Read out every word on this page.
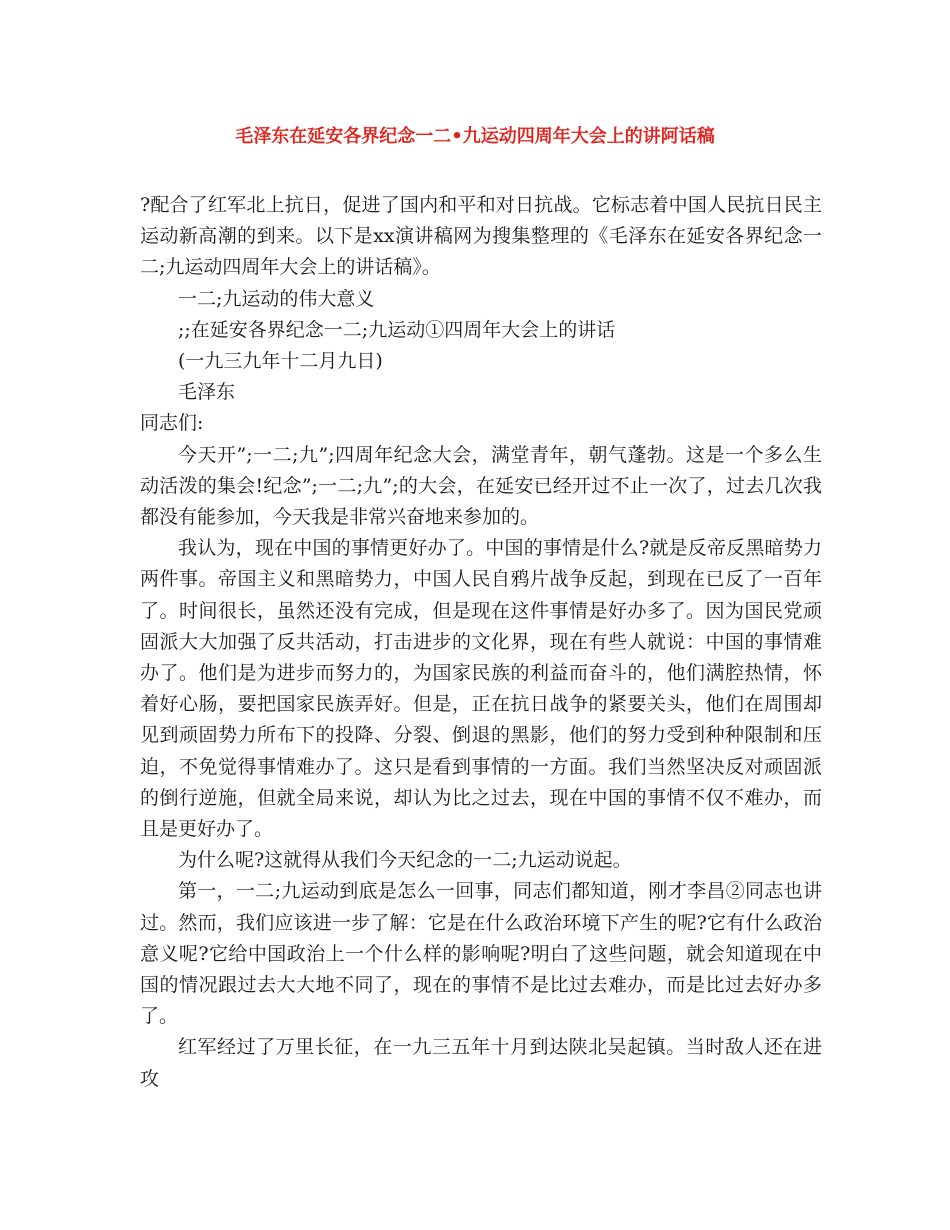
毛泽东在延安各界纪念一二•九运动四周年大会上的讲阿话稿

?配合了红军北上抗日，促进了国内和平和对日抗战。它标志着中国人民抗日民主运动新高潮的到来。以下是xx演讲稿网为搜集整理的《毛泽东在延安各界纪念一二;九运动四周年大会上的讲话稿》。

一二;九运动的伟大意义

;;在延安各界纪念一二;九运动①四周年大会上的讲话

(一九三九年十二月九日)

毛泽东

同志们:

今天开”;一二;九”;四周年纪念大会，满堂青年，朝气蓬勃。这是一个多么生动活泼的集会!纪念”;一二;九”;的大会，在延安已经开过不止一次了，过去几次我都没有能参加，今天我是非常兴奋地来参加的。

我认为，现在中国的事情更好办了。中国的事情是什么?就是反帝反黑暗势力两件事。帝国主义和黑暗势力，中国人民自鸦片战争反起，到现在已反了一百年了。时间很长，虽然还没有完成，但是现在这件事情是好办多了。因为国民党顽固派大大加强了反共活动，打击进步的文化界，现在有些人就说：中国的事情难办了。他们是为进步而努力的，为国家民族的利益而奋斗的，他们满腔热情，怀着好心肠，要把国家民族弄好。但是，正在抗日战争的紧要关头，他们在周围却见到顽固势力所布下的投降、分裂、倒退的黑影，他们的努力受到种种限制和压迫，不免觉得事情难办了。这只是看到事情的一方面。我们当然坚决反对顽固派的倒行逆施，但就全局来说，却认为比之过去，现在中国的事情不仅不难办，而且是更好办了。

为什么呢?这就得从我们今天纪念的一二;九运动说起。

第一，一二;九运动到底是怎么一回事，同志们都知道，刚才李昌②同志也讲过。然而，我们应该进一步了解：它是在什么政治环境下产生的呢?它有什么政治意义呢?它给中国政治上一个什么样的影响呢?明白了这些问题，就会知道现在中国的情况跟过去大大地不同了，现在的事情不是比过去难办，而是比过去好办多了。

红军经过了万里长征，在一九三五年十月到达陕北吴起镇。当时敌人还在进攻
